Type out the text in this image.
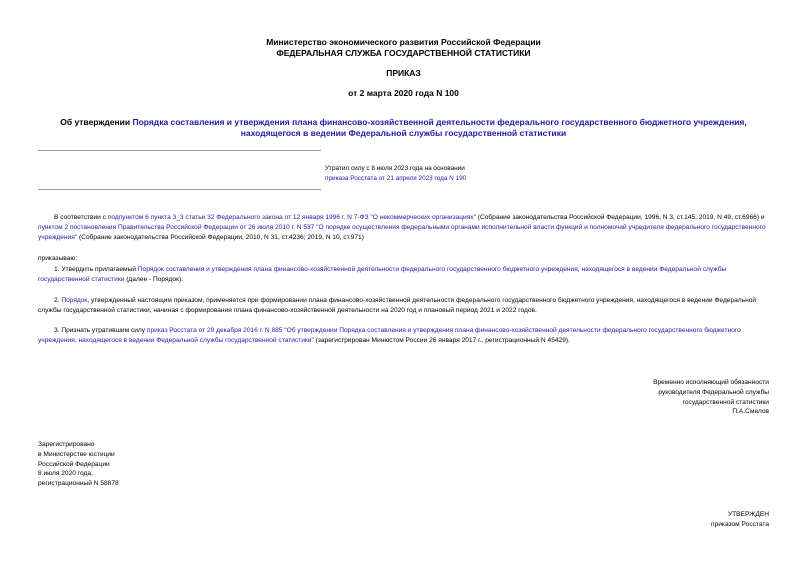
Министерство экономического развития Российской Федерации
ФЕДЕРАЛЬНАЯ СЛУЖБА ГОСУДАРСТВЕННОЙ СТАТИСТИКИ
ПРИКАЗ
от 2 марта 2020 года N 100
Об утверждении Порядка составления и утверждения плана финансово-хозяйственной деятельности федерального государственного бюджетного учреждения,
находящегося в ведении Федеральной службы государственной статистики
Утратил силу с 8 июля 2023 года на основании
приказа Росстата от 21 апреля 2023 года N 190
В соответствии с подпунктом 6 пункта 3_3 статьи 32 Федерального закона от 12 января 1996 г. N 7-ФЗ "О некоммерческих организациях" (Собрание законодательства Российской Федерации, 1996, N 3, ст.145; 2019, N 49, ст.6966) и пунктом 2 постановления Правительства Российской Федерации от 26 июля 2010 г. N 537 "О порядке осуществления федеральными органами исполнительной власти функций и полномочий учредителя федерального государственного учреждения" (Собрание законодательства Российской Федерации, 2010, N 31, ст.4236; 2019, N 10, ст.971)
приказываю:
1. Утвердить прилагаемый Порядок составления и утверждения плана финансово-хозяйственной деятельности федерального государственного бюджетного учреждения, находящегося в ведении Федеральной службы государственной статистики (далее - Порядок).
2. Порядок, утвержденный настоящим приказом, применяется при формировании плана финансово-хозяйственной деятельности федерального государственного бюджетного учреждения, находящегося в ведении Федеральной службы государственной статистики, начиная с формирования плана финансово-хозяйственной деятельности на 2020 год и плановый период 2021 и 2022 годов.
3. Признать утратившим силу приказ Росстата от 29 декабря 2016 г. N 885 "Об утверждении Порядка составления и утверждения плана финансово-хозяйственной деятельности федерального государственного бюджетного учреждения, находящегося в ведении Федеральной службы государственной статистики" (зарегистрирован Минюстом России 26 января 2017 г., регистрационный N 45429).

Временно исполняющий обязанности

руководителя Федеральной службы

государственной статистики

П.А.Смелов

Зарегистрировано

в Министерстве юстиции

Российской Федерации

8 июля 2020 года,

регистрационный N 58878

УТВЕРЖДЕН

приказом Росстата
